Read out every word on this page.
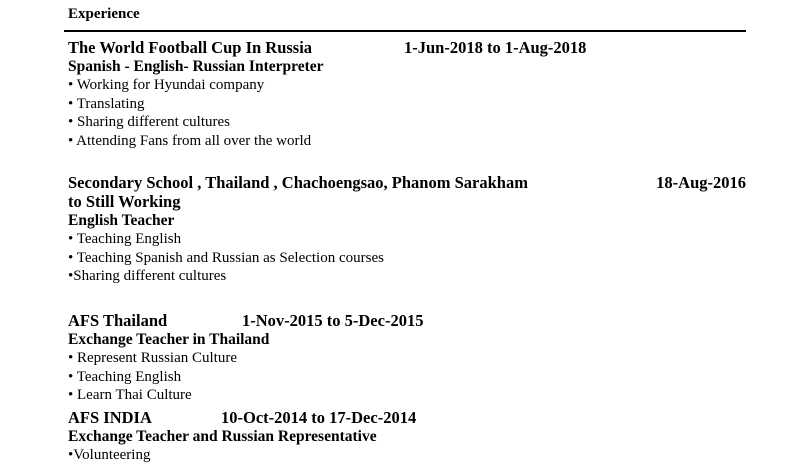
Experience
The World Football Cup In Russia	1-Jun-2018 to 1-Aug-2018
Spanish - English- Russian Interpreter
• Working for Hyundai company
• Translating
• Sharing different cultures
• Attending Fans from all over the world
Secondary School , Thailand , Chachoengsao, Phanom Sarakham	18-Aug-2016
to Still Working
English Teacher
• Teaching English
• Teaching Spanish and Russian as Selection courses
•Sharing different cultures
AFS Thailand	1-Nov-2015 to 5-Dec-2015
Exchange Teacher in Thailand
• Represent Russian Culture
• Teaching English
• Learn Thai Culture
AFS INDIA	10-Oct-2014 to 17-Dec-2014
Exchange Teacher and Russian Representative
•Volunteering
